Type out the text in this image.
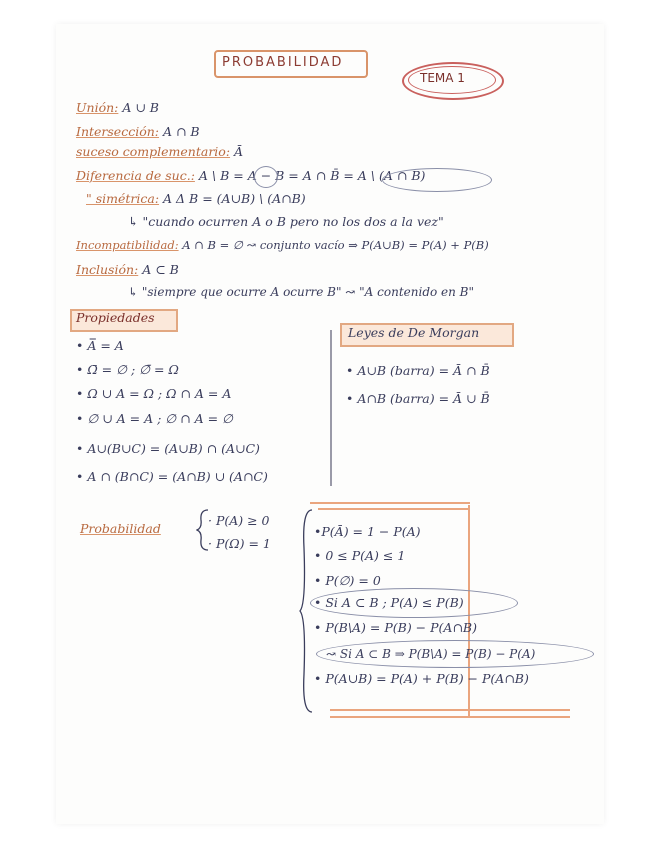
PROBABILIDAD
TEMA 1
Unión: A ∪ B
Intersección: A ∩ B
suceso complementario: Ā
Diferencia de suc.: A \ B = A − B = A ∩ B̄ = A \ (A ∩ B)
" simétrica: A Δ B = (A∪B) \ (A∩B)
↳ "cuando ocurren A o B pero no los dos a la vez"
Incompatibilidad: A ∩ B = ∅ ↝ conjunto vacío ⇒ P(A∪B) = P(A) + P(B)
Inclusión: A ⊂ B
↳ "siempre que ocurre A ocurre B" ↝ "A contenido en B"
Propiedades
• A̿ = A
• Ω̄ = ∅ ; ∅̄ = Ω
• Ω ∪ A = Ω ; Ω ∩ A = A
• ∅ ∪ A = A ; ∅ ∩ A = ∅
• A∪(B∪C) = (A∪B) ∩ (A∪C)
• A ∩ (B∩C) = (A∩B) ∪ (A∩C)
Leyes de De Morgan
• A∪B (barra) = Ā ∩ B̄
• A∩B (barra) = Ā ∪ B̄
Probabilidad
· P(A) ≥ 0
· P(Ω) = 1
•P(Ā) = 1 − P(A)
• 0 ≤ P(A) ≤ 1
• P(∅) = 0
• Si A ⊂ B ; P(A) ≤ P(B)
• P(B\A) = P(B) − P(A∩B)
↝ Si A ⊂ B ⇒ P(B\A) = P(B) − P(A)
• P(A∪B) = P(A) + P(B) − P(A∩B)
